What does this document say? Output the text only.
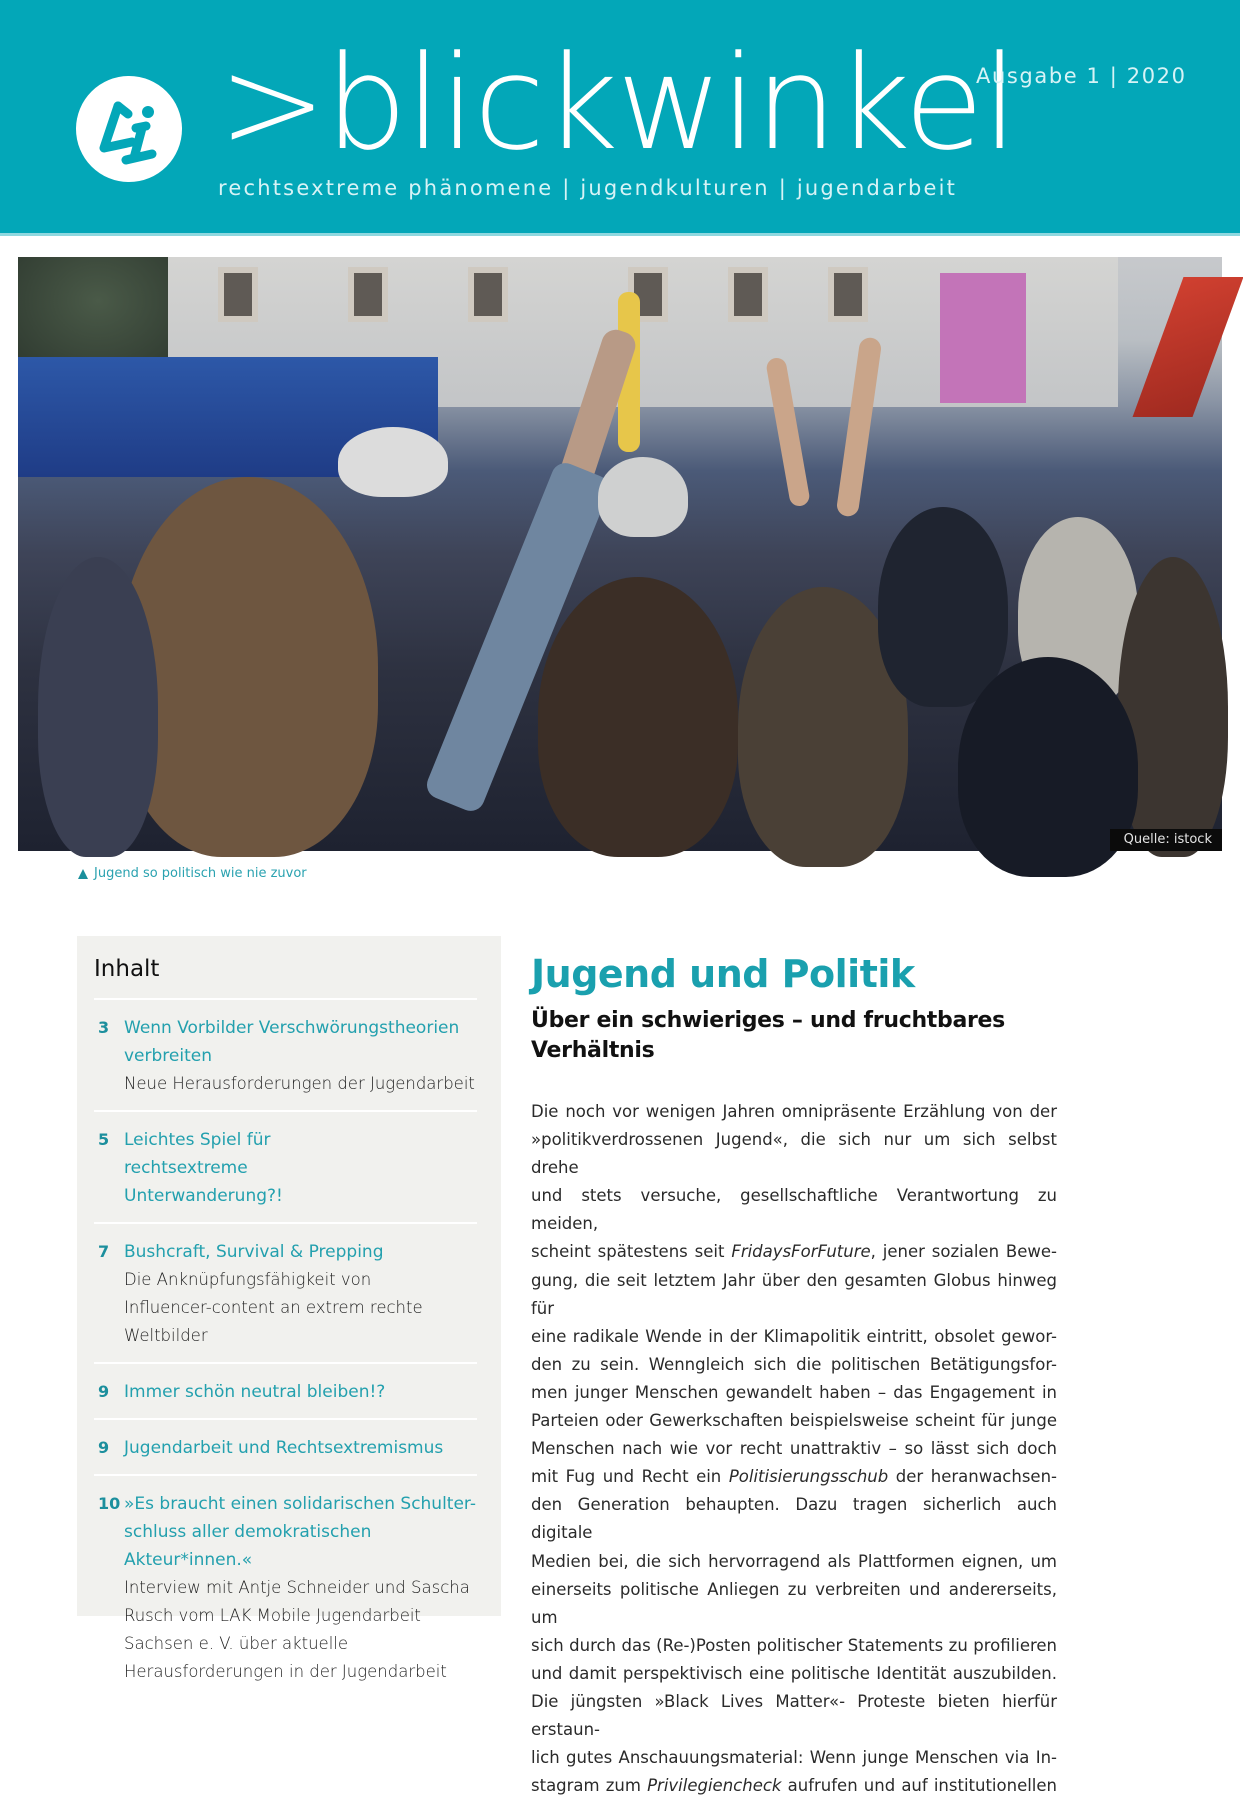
>blickwinkel
rechtsextreme phänomene | jugendkulturen | jugendarbeit
Ausgabe 1 | 2020
Quelle: istock
Jugend so politisch wie nie zuvor
Inhalt
3 Wenn Vorbilder Verschwörungstheorien verbreiten
Neue Herausforderungen der Jugendarbeit
5 Leichtes Spiel für rechtsextreme Unterwanderung?!
7 Bushcraft, Survival & Prepping
Die Anknüpfungsfähigkeit von Influencer-content an extrem rechte Weltbilder
9 Immer schön neutral bleiben!?
9 Jugendarbeit und Rechtsextremismus
10 »Es braucht einen solidarischen Schulter-schluss aller demokratischen Akteur*innen.«
Interview mit Antje Schneider und Sascha Rusch vom LAK Mobile Jugendarbeit Sachsen e. V. über aktuelle Herausforderungen in der Jugendarbeit
Jugend und Politik
Über ein schwieriges – und fruchtbares Verhältnis
Die noch vor wenigen Jahren omnipräsente Erzählung von der
»politikverdrossenen Jugend«, die sich nur um sich selbst drehe
und stets versuche, gesellschaftliche Verantwortung zu meiden,
scheint spätestens seit FridaysForFuture, jener sozialen Bewe-
gung, die seit letztem Jahr über den gesamten Globus hinweg für
eine radikale Wende in der Klimapolitik eintritt, obsolet gewor-
den zu sein. Wenngleich sich die politischen Betätigungsfor-
men junger Menschen gewandelt haben – das Engagement in
Parteien oder Gewerkschaften beispielsweise scheint für junge
Menschen nach wie vor recht unattraktiv – so lässt sich doch
mit Fug und Recht ein Politisierungsschub der heranwachsen-
den Generation behaupten. Dazu tragen sicherlich auch digitale
Medien bei, die sich hervorragend als Plattformen eignen, um
einerseits politische Anliegen zu verbreiten und andererseits, um
sich durch das (Re-)Posten politischer Statements zu profilieren
und damit perspektivisch eine politische Identität auszubilden.
Die jüngsten »Black Lives Matter«- Proteste bieten hierfür erstaun-
lich gutes Anschauungsmaterial: Wenn junge Menschen via In-
stagram zum Privilegiencheck aufrufen und auf institutionellen
